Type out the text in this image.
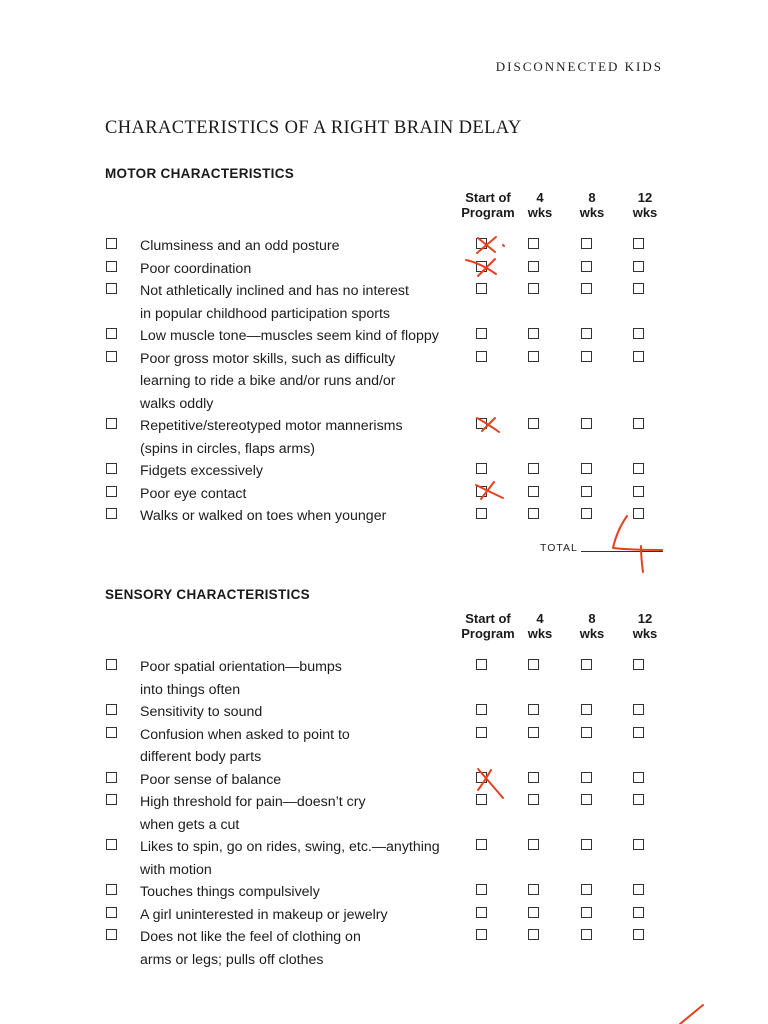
DISCONNECTED KIDS
CHARACTERISTICS OF A RIGHT BRAIN DELAY
MOTOR CHARACTERISTICS
Start of
Program
4
wks
8
wks
12
wks
Clumsiness and an odd posture
Poor coordination
Not athletically inclined and has no interest
in popular childhood participation sports
Low muscle tone—muscles seem kind of floppy
Poor gross motor skills, such as difficulty
learning to ride a bike and/or runs and/or
walks oddly
Repetitive/stereotyped motor mannerisms
(spins in circles, flaps arms)
Fidgets excessively
Poor eye contact
Walks or walked on toes when younger
TOTAL
SENSORY CHARACTERISTICS
Start of
Program
4
wks
8
wks
12
wks
Poor spatial orientation—bumps
into things often
Sensitivity to sound
Confusion when asked to point to
different body parts
Poor sense of balance
High threshold for pain—doesn’t cry
when gets a cut
Likes to spin, go on rides, swing, etc.—anything
with motion
Touches things compulsively
A girl uninterested in makeup or jewelry
Does not like the feel of clothing on
arms or legs; pulls off clothes
